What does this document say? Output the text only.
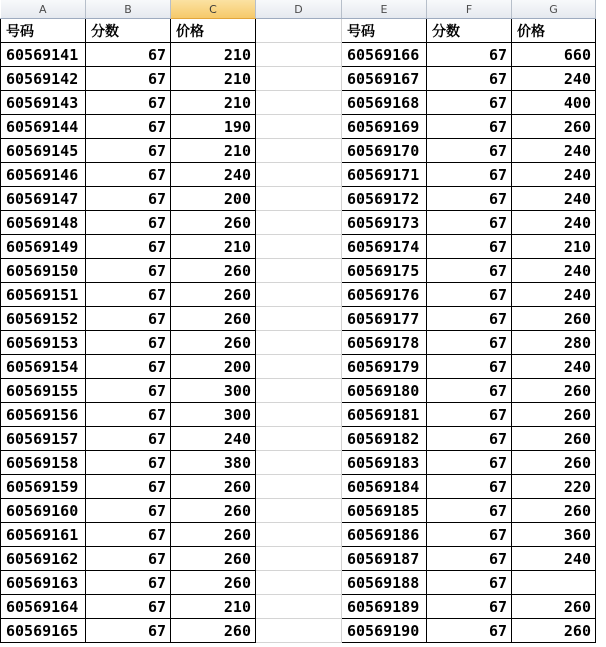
A	B	C	D	E	F	G
号码	分数	价格		号码	分数	价格
60569141	67	210		60569166	67	660
60569142	67	210		60569167	67	240
60569143	67	210		60569168	67	400
60569144	67	190		60569169	67	260
60569145	67	210		60569170	67	240
60569146	67	240		60569171	67	240
60569147	67	200		60569172	67	240
60569148	67	260		60569173	67	240
60569149	67	210		60569174	67	210
60569150	67	260		60569175	67	240
60569151	67	260		60569176	67	240
60569152	67	260		60569177	67	260
60569153	67	260		60569178	67	280
60569154	67	200		60569179	67	240
60569155	67	300		60569180	67	260
60569156	67	300		60569181	67	260
60569157	67	240		60569182	67	260
60569158	67	380		60569183	67	260
60569159	67	260		60569184	67	220
60569160	67	260		60569185	67	260
60569161	67	260		60569186	67	360
60569162	67	260		60569187	67	240
60569163	67	260		60569188	67	
60569164	67	210		60569189	67	260
60569165	67	260		60569190	67	260
